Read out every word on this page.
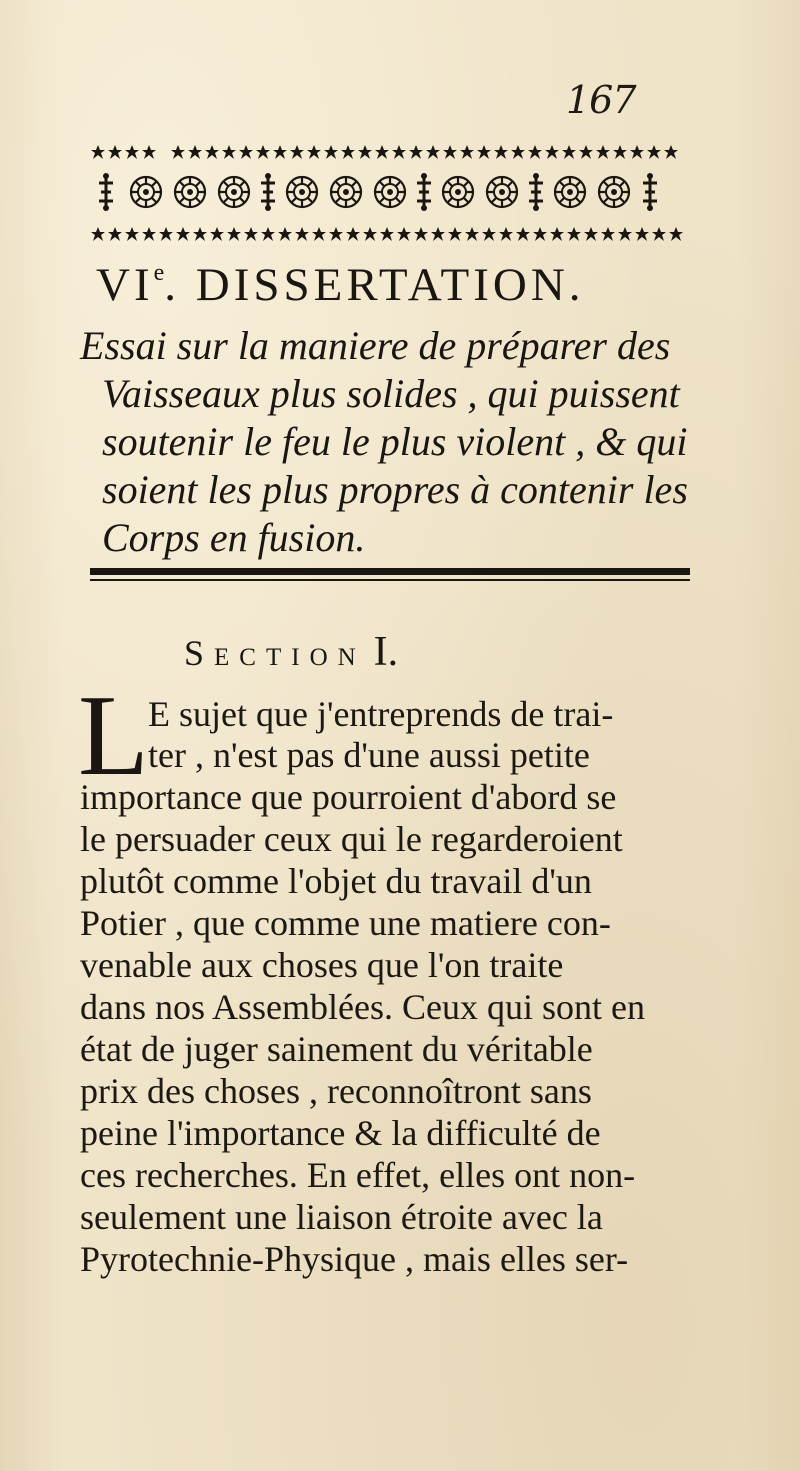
167
VIe. DISSERTATION.
Essai sur la maniere de préparer des
Vaisseaux plus solides , qui puissent
soutenir le feu le plus violent , & qui
soient les plus propres à contenir les
Corps en fusion.
Section I.
L E sujet que j'entreprends de trai-
ter , n'est pas d'une aussi petite
importance que pourroient d'abord se
le persuader ceux qui le regarderoient
plutôt comme l'objet du travail d'un
Potier , que comme une matiere con-
venable aux choses que l'on traite
dans nos Assemblées. Ceux qui sont en
état de juger sainement du véritable
prix des choses , reconnoîtront sans
peine l'importance & la difficulté de
ces recherches. En effet, elles ont non-
seulement une liaison étroite avec la
Pyrotechnie-Physique , mais elles ser-
